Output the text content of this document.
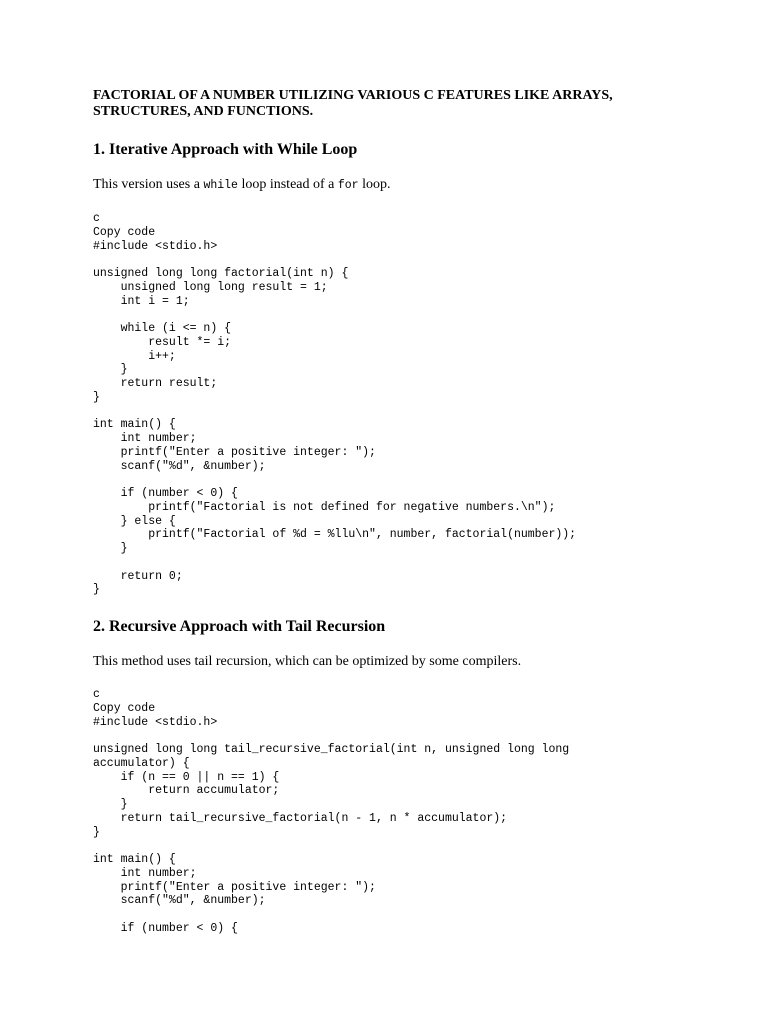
FACTORIAL OF A NUMBER UTILIZING VARIOUS C FEATURES LIKE ARRAYS, STRUCTURES, AND FUNCTIONS.
1. Iterative Approach with While Loop

This version uses a while loop instead of a for loop.

c
Copy code
#include <stdio.h>

unsigned long long factorial(int n) {
unsigned long long result = 1;
int i = 1;

while (i <= n) {
result *= i;
i++;
}
return result;
}

int main() {
int number;
printf("Enter a positive integer: ");
scanf("%d", &number);

if (number < 0) {
printf("Factorial is not defined for negative numbers.\n");
} else {
printf("Factorial of %d = %llu\n", number, factorial(number));
}

return 0;
}
2. Recursive Approach with Tail Recursion

This method uses tail recursion, which can be optimized by some compilers.

c
Copy code
#include <stdio.h>

unsigned long long tail_recursive_factorial(int n, unsigned long long
accumulator) {
if (n == 0 || n == 1) {
return accumulator;
}
return tail_recursive_factorial(n - 1, n * accumulator);
}

int main() {
int number;
printf("Enter a positive integer: ");
scanf("%d", &number);

if (number < 0) {
